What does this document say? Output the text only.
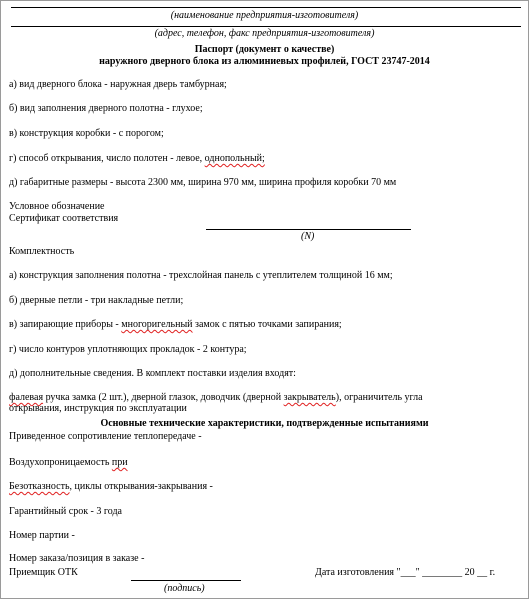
(наименование предприятия-изготовителя)
(адрес, телефон, факс предприятия-изготовителя)
Паспорт (документ о качестве)
наружного дверного блока из алюминиевых профилей, ГОСТ 23747-2014
а) вид дверного блока - наружная дверь тамбурная;
б) вид заполнения дверного полотна - глухое;
в) конструкция коробки - с порогом;
г) способ открывания, число полотен - левое, однопольный;
д) габаритные размеры - высота 2300 мм, ширина 970 мм, ширина профиля коробки 70 мм
Условное обозначение
Сертификат соответствия
(N)
Комплектность
а) конструкция заполнения полотна - трехслойная панель с утеплителем толщиной 16 мм;
б) дверные петли - три накладные петли;
в) запирающие приборы - многоригельный замок с пятью точками запирания;
г) число контуров уплотняющих прокладок - 2 контура;
д) дополнительные сведения. В комплект поставки изделия входят:
фалевая ручка замка (2 шт.), дверной глазок, доводчик (дверной закрыватель), ограничитель угла
открывания, инструкция по эксплуатации
Основные технические характеристики, подтвержденные испытаниями
Приведенное сопротивление теплопередаче -
Воздухопроницаемость при
Безотказность, циклы открывания-закрывания -
Гарантийный срок - 3 года
Номер партии -
Номер заказа/позиция в заказе -
Приемщик ОТК
(подпись)
Дата изготовления "___" ________ 20 __ г.
